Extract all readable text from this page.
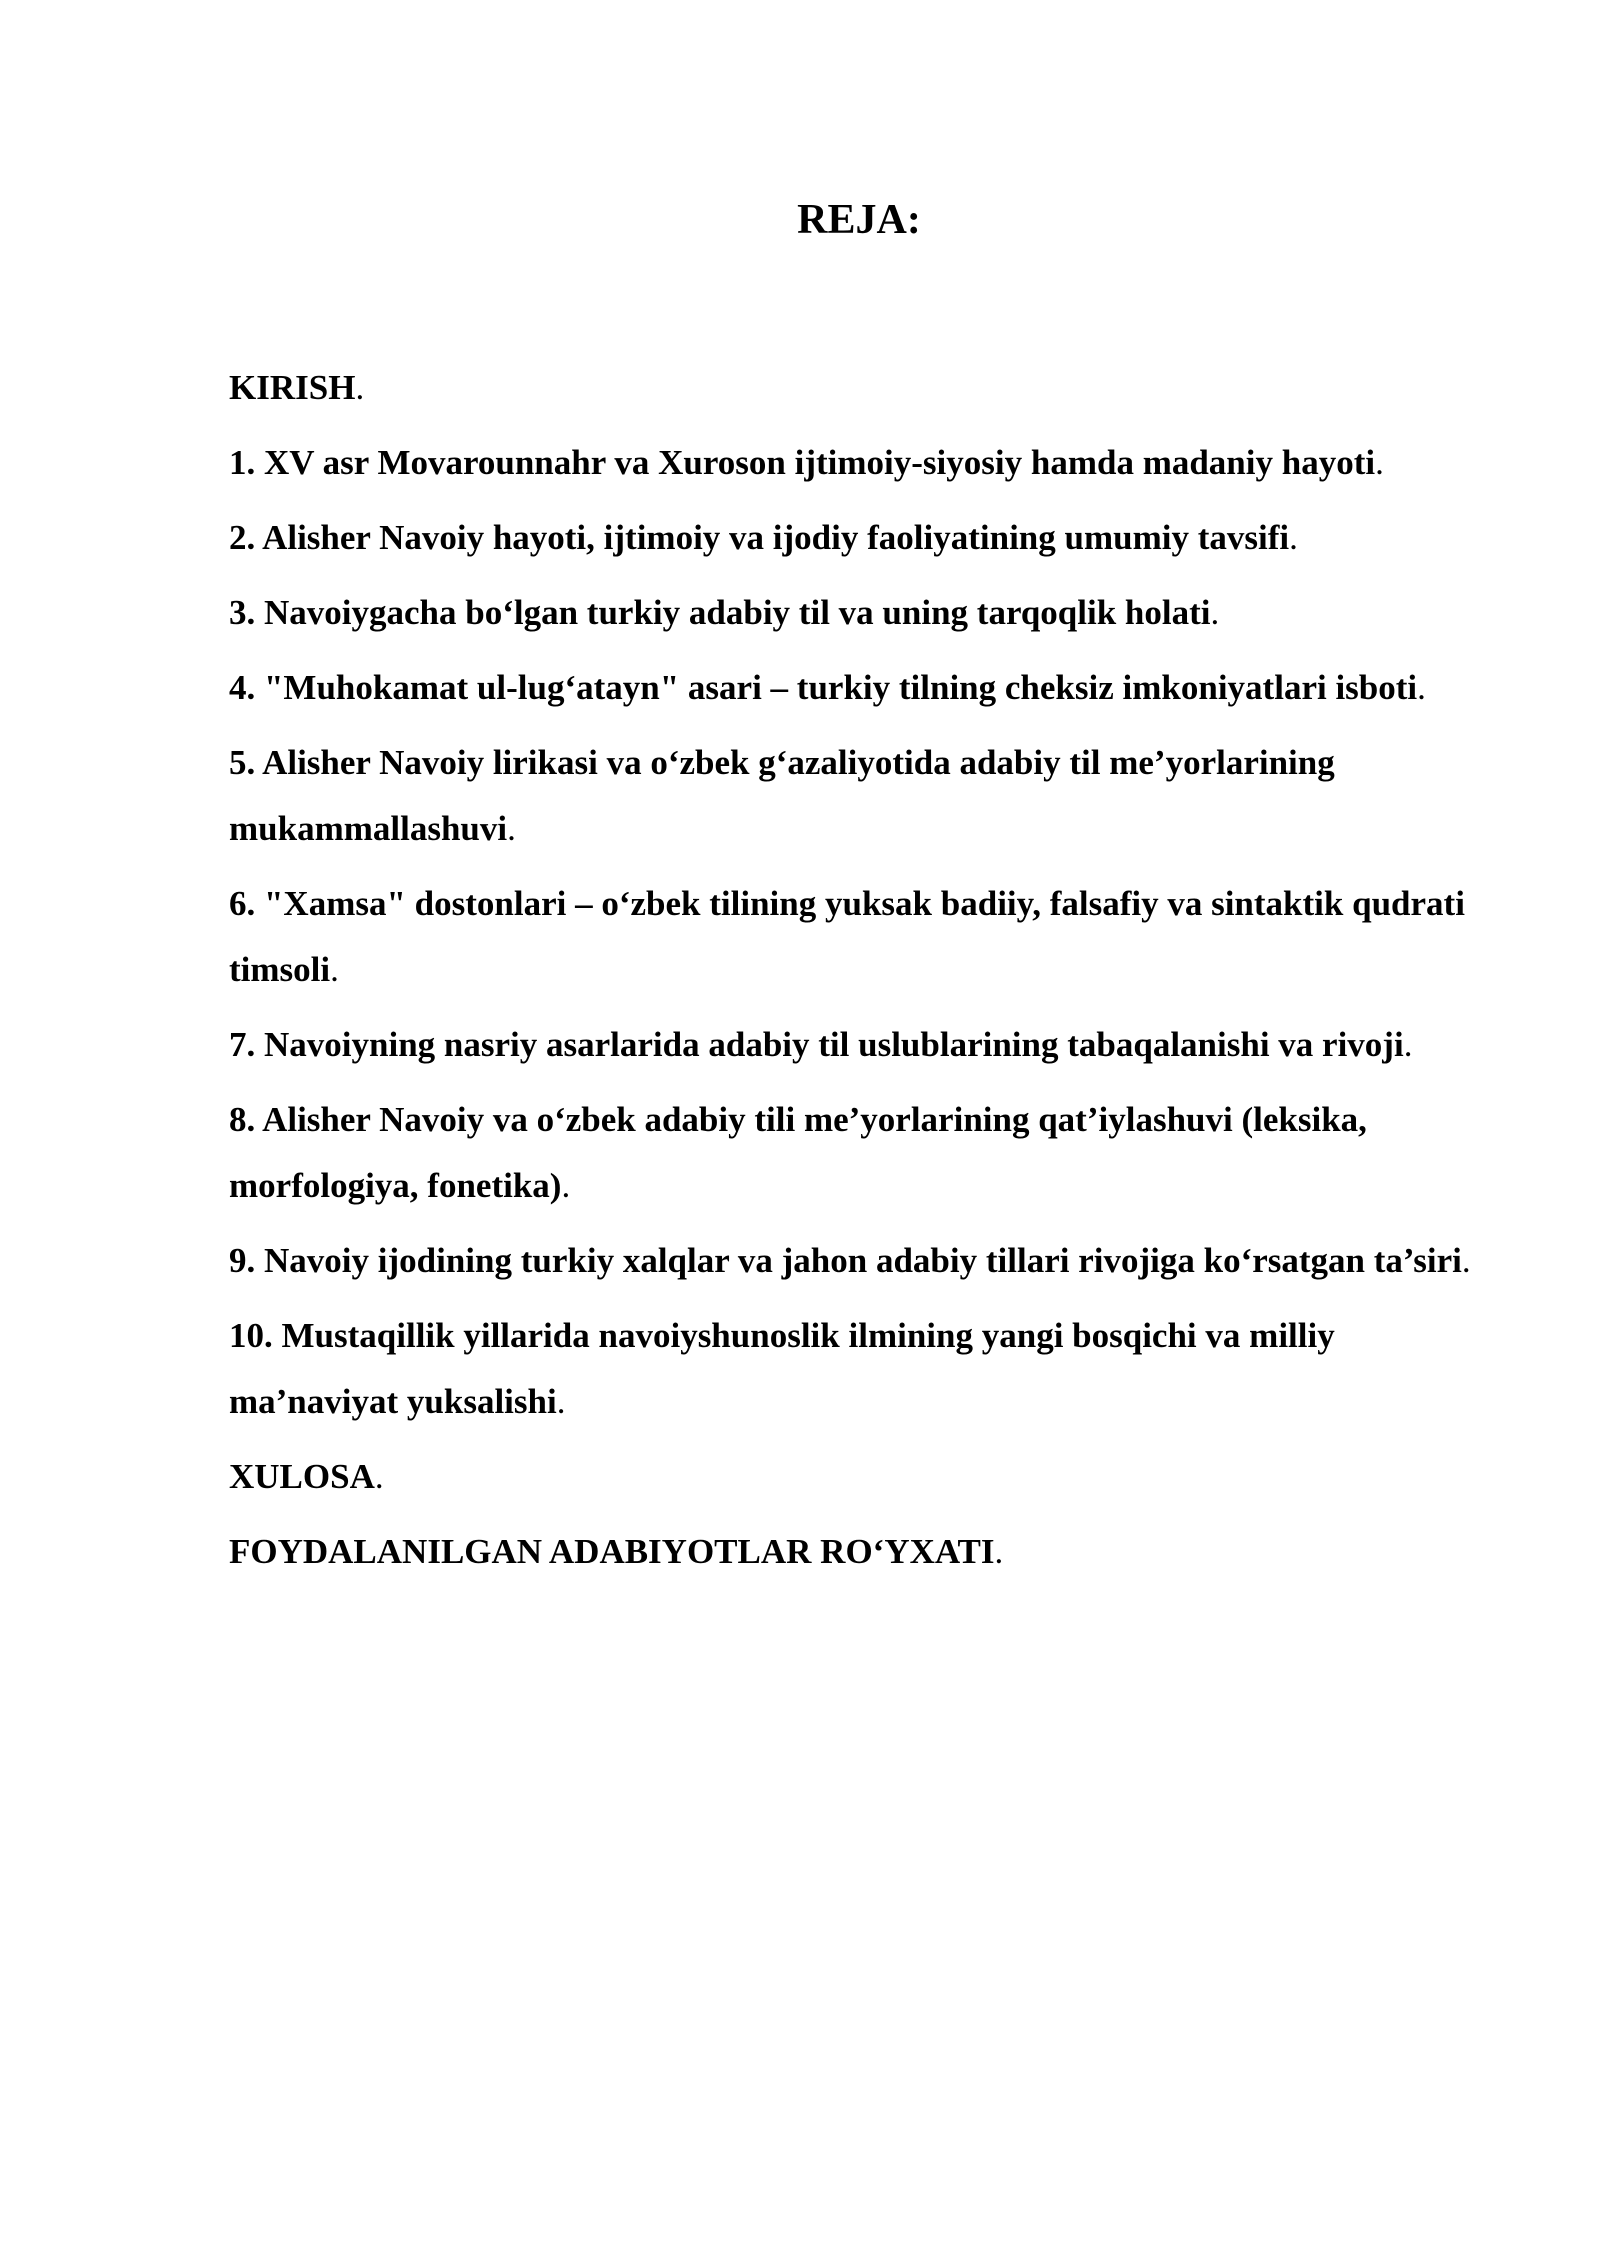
REJA:

KIRISH.

1. XV asr Movarounnahr va Xuroson ijtimoiy-siyosiy hamda madaniy hayoti.

2. Alisher Navoiy hayoti, ijtimoiy va ijodiy faoliyatining umumiy tavsifi.

3. Navoiygacha bo‘lgan turkiy adabiy til va uning tarqoqlik holati.

4. "Muhokamat ul-lug‘atayn" asari – turkiy tilning cheksiz imkoniyatlari isboti.

5. Alisher Navoiy lirikasi va o‘zbek g‘azaliyotida adabiy til me’yorlarining mukammallashuvi.

6. "Xamsa" dostonlari – o‘zbek tilining yuksak badiiy, falsafiy va sintaktik qudrati timsoli.

7. Navoiyning nasriy asarlarida adabiy til uslublarining tabaqalanishi va rivoji.

8. Alisher Navoiy va o‘zbek adabiy tili me’yorlarining qat’iylashuvi (leksika, morfologiya, fonetika).

9. Navoiy ijodining turkiy xalqlar va jahon adabiy tillari rivojiga ko‘rsatgan ta’siri.

10. Mustaqillik yillarida navoiyshunoslik ilmining yangi bosqichi va milliy ma’naviyat yuksalishi.

XULOSA.

FOYDALANILGAN ADABIYOTLAR RO‘YXATI.
